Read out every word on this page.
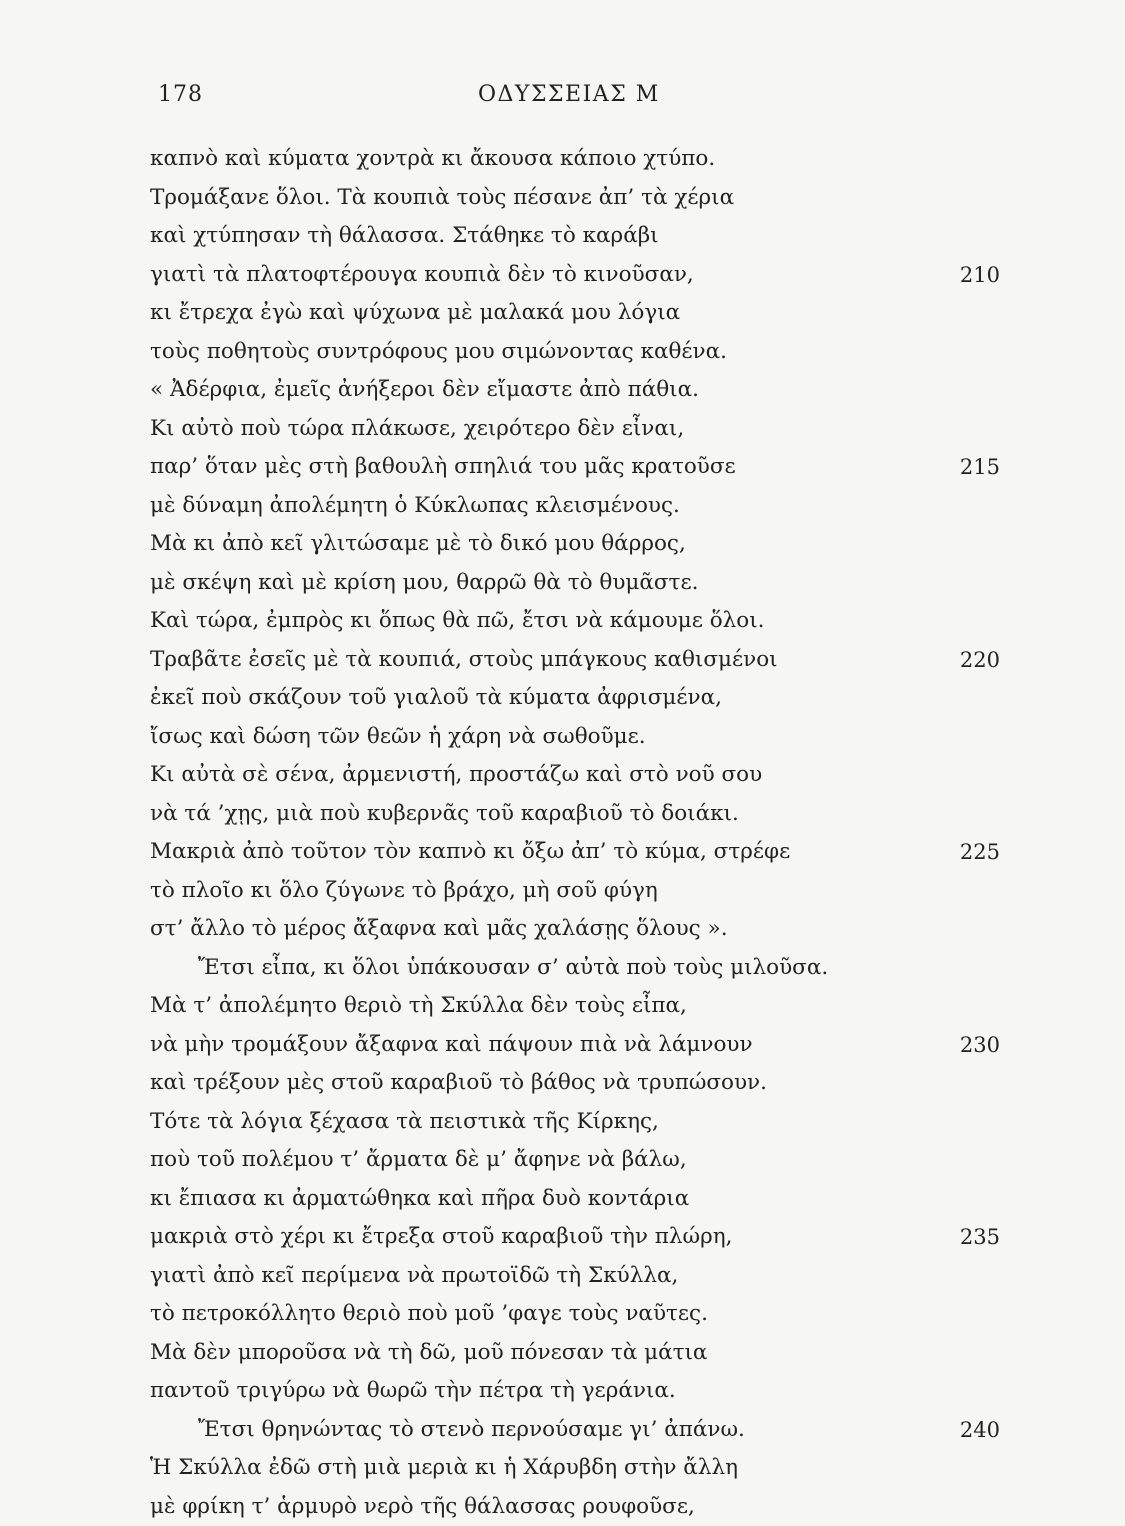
178	ΟΔΥΣΣΕΙΑΣ Μ
καπνὸ καὶ κύματα χοντρὰ κι ἄκουσα κάποιο χτύπο.
Τρομάξανε ὅλοι. Τὰ κουπιὰ τοὺς πέσανε ἀπ’ τὰ χέρια
καὶ χτύπησαν τὴ θάλασσα. Στάθηκε τὸ καράβι
γιατὶ τὰ πλατοφτέρουγα κουπιὰ δὲν τὸ κινοῦσαν,	210
κι ἔτρεχα ἐγὼ καὶ ψύχωνα μὲ μαλακά μου λόγια
τοὺς ποθητοὺς συντρόφους μου σιμώνοντας καθένα.
« Ἀδέρφια, ἐμεῖς ἀνήξεροι δὲν εἴμαστε ἀπὸ πάθια.
Κι αὐτὸ ποὺ τώρα πλάκωσε, χειρότερο δὲν εἶναι,
παρ’ ὅταν μὲς στὴ βαθουλὴ σπηλιά του μᾶς κρατοῦσε	215
μὲ δύναμη ἀπολέμητη ὁ Κύκλωπας κλεισμένους.
Μὰ κι ἀπὸ κεῖ γλιτώσαμε μὲ τὸ δικό μου θάρρος,
μὲ σκέψη καὶ μὲ κρίση μου, θαρρῶ θὰ τὸ θυμᾶστε.
Καὶ τώρα, ἐμπρὸς κι ὅπως θὰ πῶ, ἔτσι νὰ κάμουμε ὅλοι.
Τραβᾶτε ἐσεῖς μὲ τὰ κουπιά, στοὺς μπάγκους καθισμένοι	220
ἐκεῖ ποὺ σκάζουν τοῦ γιαλοῦ τὰ κύματα ἀφρισμένα,
ἴσως καὶ δώση τῶν θεῶν ἡ χάρη νὰ σωθοῦμε.
Κι αὐτὰ σὲ σένα, ἀρμενιστή, προστάζω καὶ στὸ νοῦ σου
νὰ τά ’χῃς, μιὰ ποὺ κυβερνᾶς τοῦ καραβιοῦ τὸ δοιάκι.
Μακριὰ ἀπὸ τοῦτον τὸν καπνὸ κι ὄξω ἀπ’ τὸ κύμα, στρέφε	225
τὸ πλοῖο κι ὅλο ζύγωνε τὸ βράχο, μὴ σοῦ φύγη
στ’ ἄλλο τὸ μέρος ἄξαφνα καὶ μᾶς χαλάσῃς ὅλους ».
Ἔτσι εἶπα, κι ὅλοι ὑπάκουσαν σ’ αὐτὰ ποὺ τοὺς μιλοῦσα.
Μὰ τ’ ἀπολέμητο θεριὸ τὴ Σκύλλα δὲν τοὺς εἶπα,
νὰ μὴν τρομάξουν ἄξαφνα καὶ πάψουν πιὰ νὰ λάμνουν	230
καὶ τρέξουν μὲς στοῦ καραβιοῦ τὸ βάθος νὰ τρυπώσουν.
Τότε τὰ λόγια ξέχασα τὰ πειστικὰ τῆς Κίρκης,
ποὺ τοῦ πολέμου τ’ ἄρματα δὲ μ’ ἄφηνε νὰ βάλω,
κι ἔπιασα κι ἀρματώθηκα καὶ πῆρα δυὸ κοντάρια
μακριὰ στὸ χέρι κι ἔτρεξα στοῦ καραβιοῦ τὴν πλώρη,	235
γιατὶ ἀπὸ κεῖ περίμενα νὰ πρωτοϊδῶ τὴ Σκύλλα,
τὸ πετροκόλλητο θεριὸ ποὺ μοῦ ’φαγε τοὺς ναῦτες.
Μὰ δὲν μποροῦσα νὰ τὴ δῶ, μοῦ πόνεσαν τὰ μάτια
παντοῦ τριγύρω νὰ θωρῶ τὴν πέτρα τὴ γεράνια.
Ἔτσι θρηνώντας τὸ στενὸ περνούσαμε γι’ ἀπάνω.	240
Ἡ Σκύλλα ἐδῶ στὴ μιὰ μεριὰ κι ἡ Χάρυβδη στὴν ἄλλη
μὲ φρίκη τ’ ἁρμυρὸ νερὸ τῆς θάλασσας ρουφοῦσε,
